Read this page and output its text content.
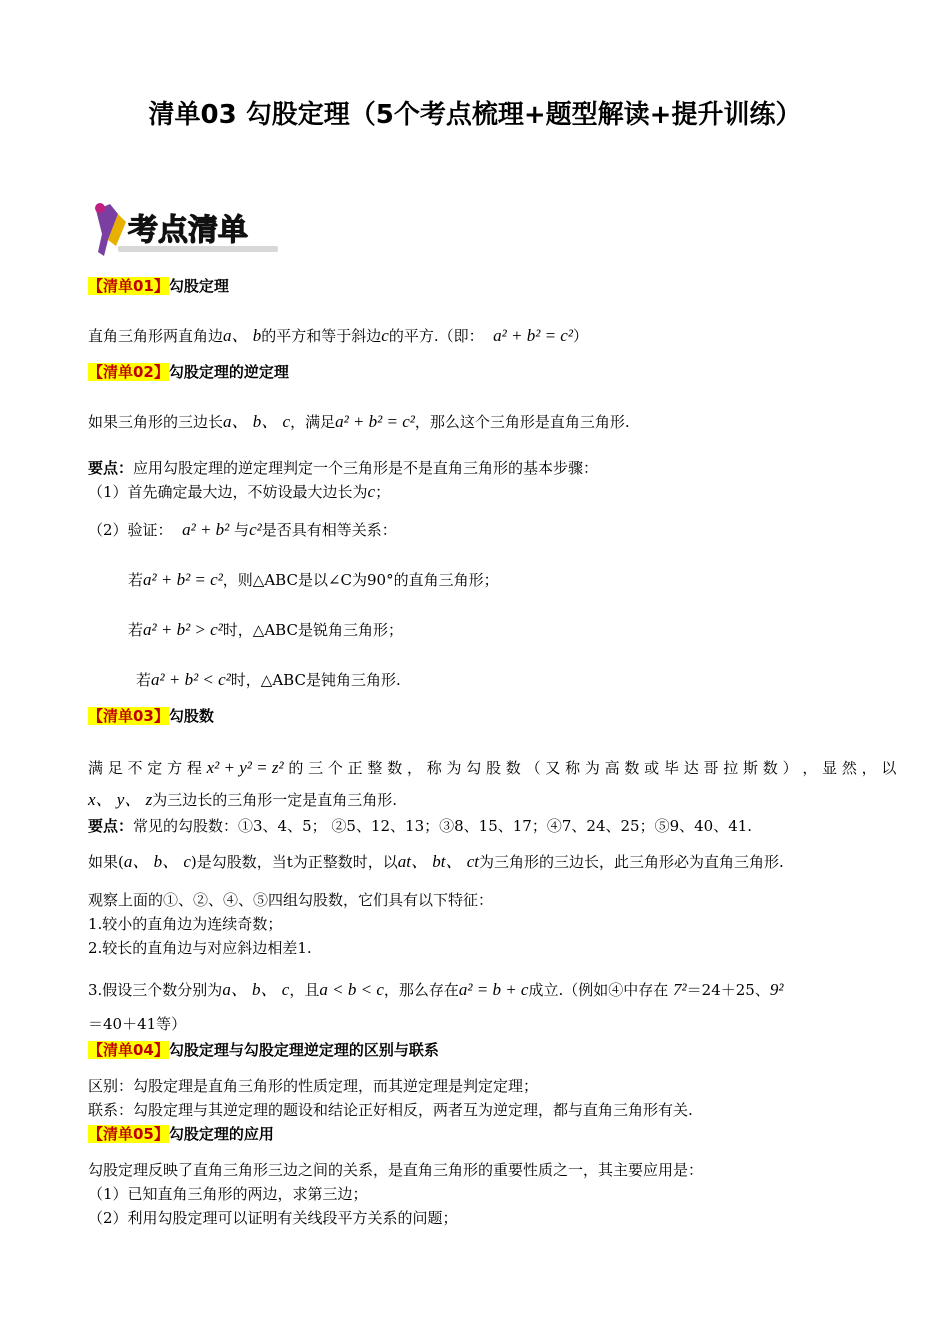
清单03 勾股定理（5个考点梳理+题型解读+提升训练）
考点清单
【清单01】勾股定理
直角三角形两直角边a、 b的平方和等于斜边c的平方.（即： a² + b² = c²）
【清单02】勾股定理的逆定理
如果三角形的三边长a、 b、 c，满足a² + b² = c²，那么这个三角形是直角三角形.
要点：应用勾股定理的逆定理判定一个三角形是不是直角三角形的基本步骤：
（1）首先确定最大边，不妨设最大边长为c；
（2）验证： a² + b² 与c²是否具有相等关系：
若a² + b² = c²，则△ABC是以∠C为90°的直角三角形；
若a² + b² > c²时，△ABC是锐角三角形；
若a² + b² < c²时，△ABC是钝角三角形.
【清单03】勾股数
满 足 不 定 方 程 x² + y² = z² 的 三 个 正 整 数 ， 称 为 勾 股 数 （ 又 称 为 高 数 或 毕 达 哥 拉 斯 数 ） ， 显 然 ， 以
x、 y、 z为三边长的三角形一定是直角三角形.
要点：常见的勾股数：①3、4、5； ②5、12、13；③8、15、17；④7、24、25；⑤9、40、41.
如果(a、 b、 c)是勾股数，当t为正整数时，以at、 bt、 ct为三角形的三边长，此三角形必为直角三角形.
观察上面的①、②、④、⑤四组勾股数，它们具有以下特征：
1.较小的直角边为连续奇数；
2.较长的直角边与对应斜边相差1.
3.假设三个数分别为a、 b、 c，且a < b < c，那么存在a² = b + c成立.（例如④中存在 7²＝24＋25、9²
＝40＋41等）
【清单04】勾股定理与勾股定理逆定理的区别与联系
区别：勾股定理是直角三角形的性质定理，而其逆定理是判定定理；
联系：勾股定理与其逆定理的题设和结论正好相反，两者互为逆定理，都与直角三角形有关.
【清单05】勾股定理的应用
勾股定理反映了直角三角形三边之间的关系，是直角三角形的重要性质之一，其主要应用是：
（1）已知直角三角形的两边，求第三边；
（2）利用勾股定理可以证明有关线段平方关系的问题；
